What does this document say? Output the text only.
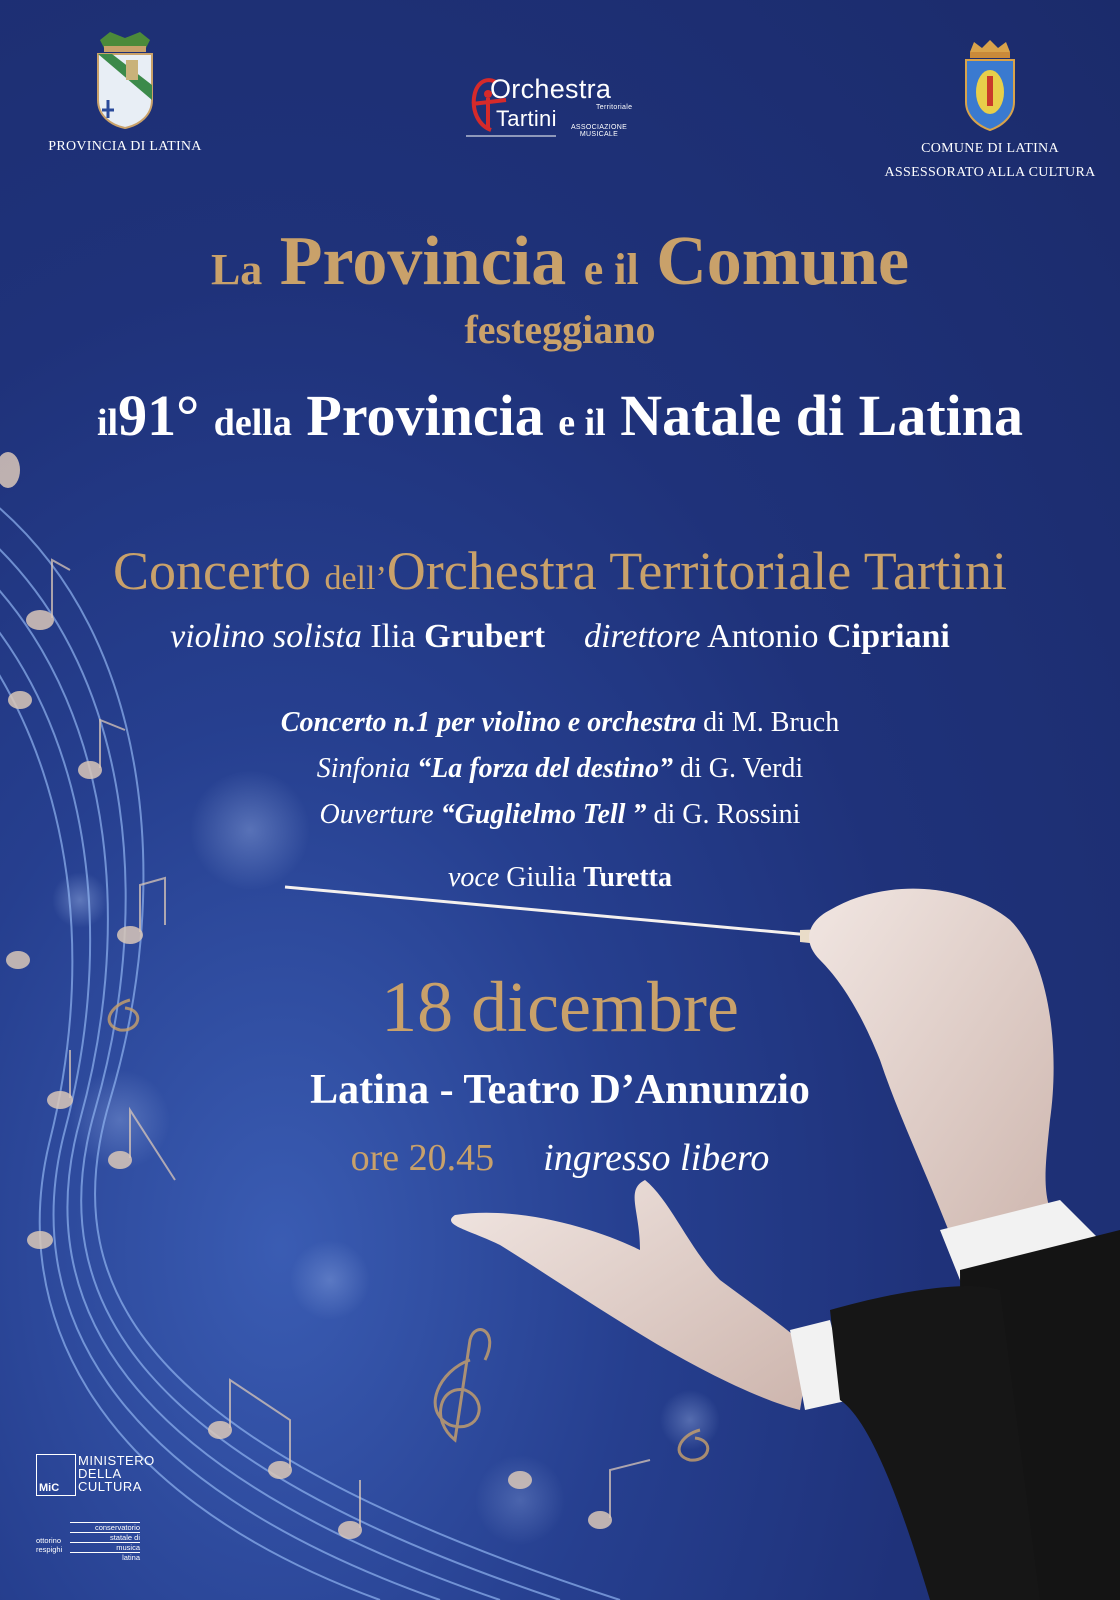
PROVINCIA DI LATINA
Orchestra
Tartini	Territoriale
ASSOCIAZIONE MUSICALE
COMUNE DI LATINA
ASSESSORATO ALLA CULTURA
La Provincia e il Comune
festeggiano
il91° della Provincia e il Natale di Latina
Concerto dell’Orchestra Territoriale Tartini
violino solista Ilia Grubert direttore Antonio Cipriani
Concerto n.1 per violino e orchestra di M. Bruch
Sinfonia “La forza del destino” di G. Verdi
Ouverture “Guglielmo Tell ” di G. Rossini
voce Giulia Turetta
18 dicembre
Latina - Teatro D’Annunzio
ore 20.45 ingresso libero
MiC
MINISTERO
DELLA
CULTURA
ottorino
respighi
conservatorio
statale di
musica
latina
